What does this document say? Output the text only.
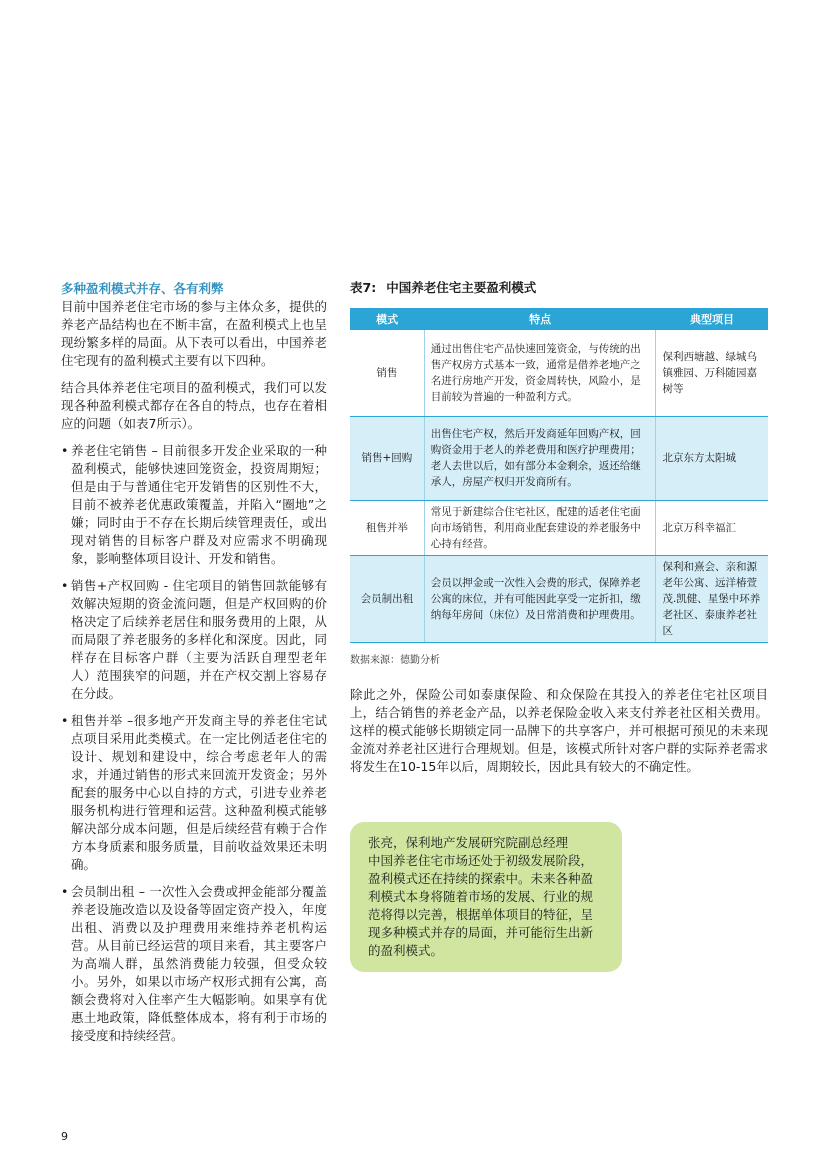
多种盈利模式并存、各有利弊

目前中国养老住宅市场的参与主体众多，提供的养老产品结构也在不断丰富，在盈利模式上也呈现纷繁多样的局面。从下表可以看出，中国养老住宅现有的盈利模式主要有以下四种。

结合具体养老住宅项目的盈利模式，我们可以发现各种盈利模式都存在各自的特点，也存在着相应的问题（如表7所示）。

• 养老住宅销售 – 目前很多开发企业采取的一种盈利模式，能够快速回笼资金，投资周期短；但是由于与普通住宅开发销售的区别性不大，目前不被养老优惠政策覆盖，并陷入“圈地”之嫌；同时由于不存在长期后续管理责任，或出现对销售的目标客户群及对应需求不明确现象，影响整体项目设计、开发和销售。
• 销售+产权回购 - 住宅项目的销售回款能够有效解决短期的资金流问题，但是产权回购的价格决定了后续养老居住和服务费用的上限，从而局限了养老服务的多样化和深度。因此，同样存在目标客户群（主要为活跃自理型老年人）范围狭窄的问题，并在产权交割上容易存在分歧。
• 租售并举 –很多地产开发商主导的养老住宅试点项目采用此类模式。在一定比例适老住宅的设计、规划和建设中，综合考虑老年人的需求，并通过销售的形式来回流开发资金；另外配套的服务中心以自持的方式，引进专业养老服务机构进行管理和运营。这种盈利模式能够解决部分成本问题，但是后续经营有赖于合作方本身质素和服务质量，目前收益效果还未明确。
• 会员制出租 – 一次性入会费或押金能部分覆盖养老设施改造以及设备等固定资产投入，年度出租、消费以及护理费用来维持养老机构运营。从目前已经运营的项目来看，其主要客户为高端人群，虽然消费能力较强，但受众较小。另外，如果以市场产权形式拥有公寓，高额会费将对入住率产生大幅影响。如果享有优惠土地政策，降低整体成本，将有利于市场的接受度和持续经营。
表7: 中国养老住宅主要盈利模式
模式	特点	典型项目
销售	通过出售住宅产品快速回笼资金，与传统的出售产权房方式基本一致，通常是借养老地产之名进行房地产开发，资金周转快，风险小，是目前较为普遍的一种盈利方式。	保利西塘越、绿城乌镇雅园、万科随园嘉树等
销售+回购	出售住宅产权，然后开发商延年回购产权，回购资金用于老人的养老费用和医疗护理费用；老人去世以后，如有部分本金剩余，返还给继承人，房屋产权归开发商所有。	北京东方太阳城
租售并举	常见于新建综合住宅社区，配建的适老住宅面向市场销售，利用商业配套建设的养老服务中心持有经营。	北京万科幸福汇
会员制出租	会员以押金或一次性入会费的形式，保障养老公寓的床位，并有可能因此享受一定折扣，缴纳每年房间（床位）及日常消费和护理费用。	保利和熹会、亲和源老年公寓、远洋椿萱茂.凯健、星堡中环养老社区、泰康养老社区
数据来源：德勤分析
除此之外，保险公司如泰康保险、和众保险在其投入的养老住宅社区项目上，结合销售的养老金产品，以养老保险金收入来支付养老社区相关费用。这样的模式能够长期锁定同一品牌下的共享客户，并可根据可预见的未来现金流对养老社区进行合理规划。但是，该模式所针对客户群的实际养老需求将发生在10-15年以后，周期较长，因此具有较大的不确定性。
张亮，保利地产发展研究院副总经理
中国养老住宅市场还处于初级发展阶段，盈利模式还在持续的探索中。未来各种盈利模式本身将随着市场的发展、行业的规范将得以完善，根据单体项目的特征，呈现多种模式并存的局面，并可能衍生出新的盈利模式。
9
